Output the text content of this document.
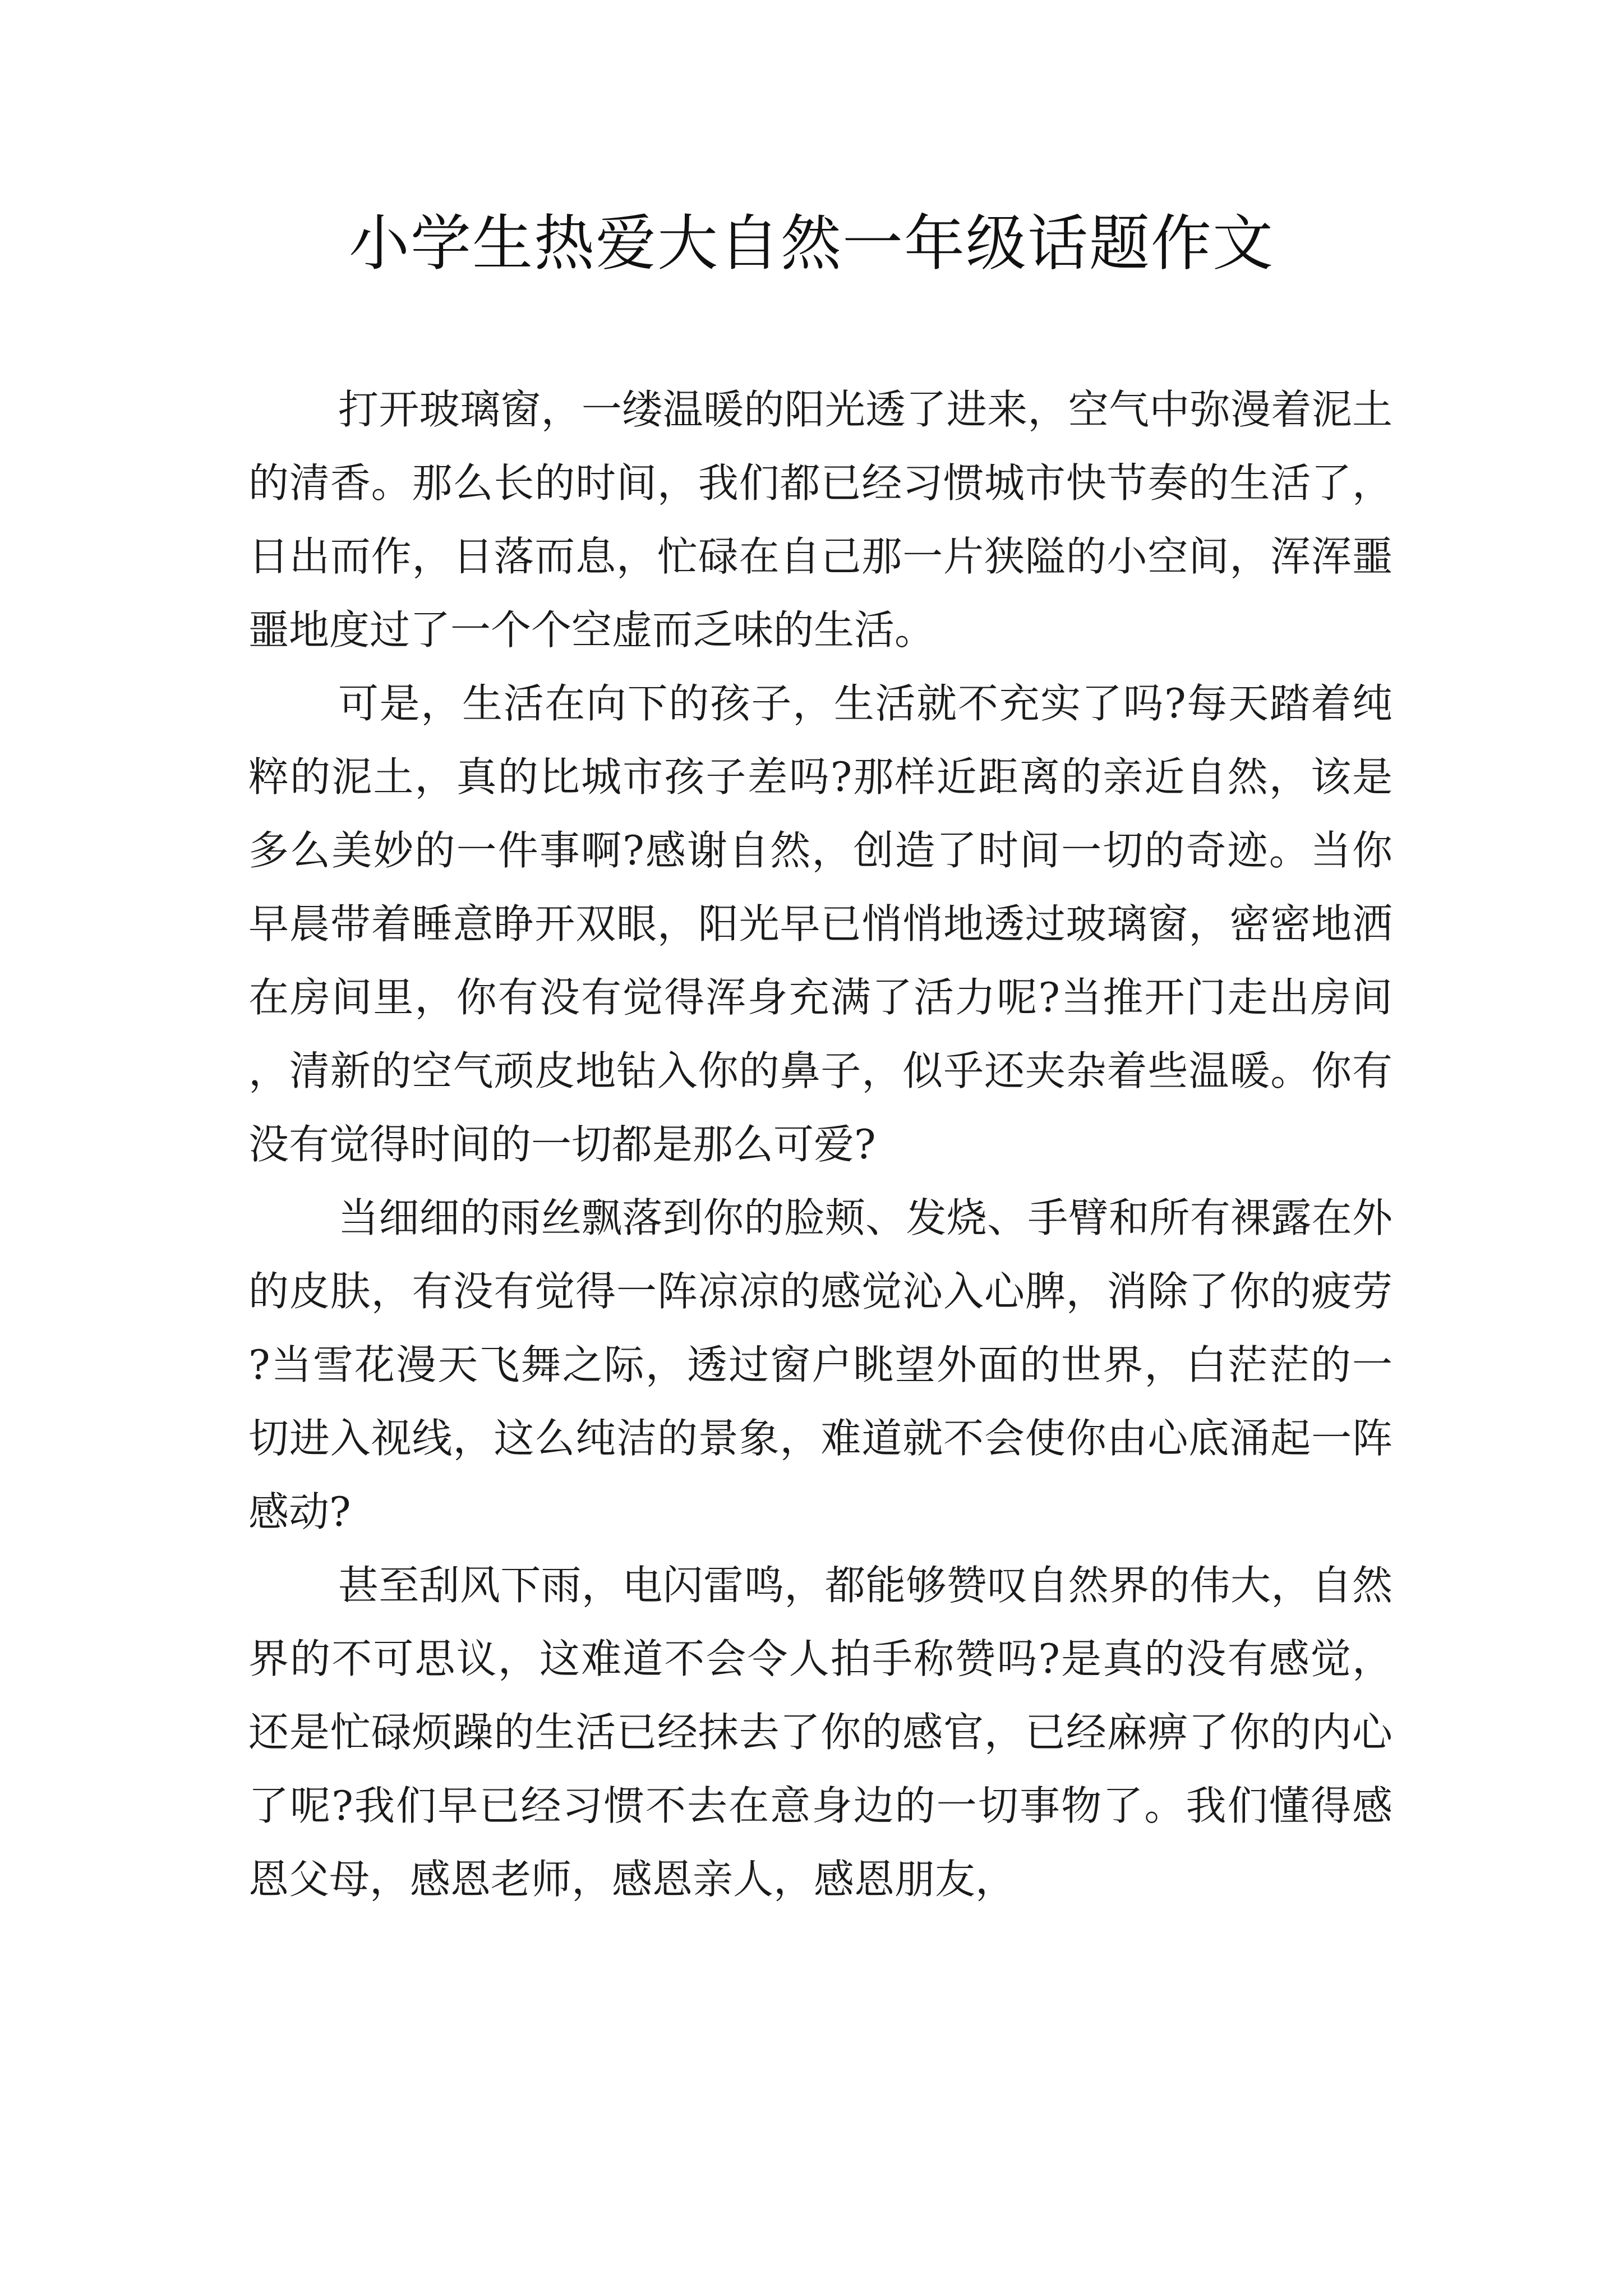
小学生热爱大自然一年级话题作文

打开玻璃窗，一缕温暖的阳光透了进来，空气中弥漫着泥土的清香。那么长的时间，我们都已经习惯城市快节奏的生活了，日出而作，日落而息，忙碌在自己那一片狭隘的小空间，浑浑噩噩地度过了一个个空虚而乏味的生活。

可是，生活在向下的孩子，生活就不充实了吗?每天踏着纯粹的泥土，真的比城市孩子差吗?那样近距离的亲近自然，该是多么美妙的一件事啊?感谢自然，创造了时间一切的奇迹。当你早晨带着睡意睁开双眼，阳光早已悄悄地透过玻璃窗，密密地洒在房间里，你有没有觉得浑身充满了活力呢?当推开门走出房间，清新的空气顽皮地钻入你的鼻子，似乎还夹杂着些温暖。你有没有觉得时间的一切都是那么可爱?

当细细的雨丝飘落到你的脸颊、发烧、手臂和所有裸露在外的皮肤，有没有觉得一阵凉凉的感觉沁入心脾，消除了你的疲劳?当雪花漫天飞舞之际，透过窗户眺望外面的世界，白茫茫的一切进入视线，这么纯洁的景象，难道就不会使你由心底涌起一阵感动?

甚至刮风下雨，电闪雷鸣，都能够赞叹自然界的伟大，自然界的不可思议，这难道不会令人拍手称赞吗?是真的没有感觉，还是忙碌烦躁的生活已经抹去了你的感官，已经麻痹了你的内心了呢?我们早已经习惯不去在意身边的一切事物了。我们懂得感恩父母，感恩老师，感恩亲人，感恩朋友，
